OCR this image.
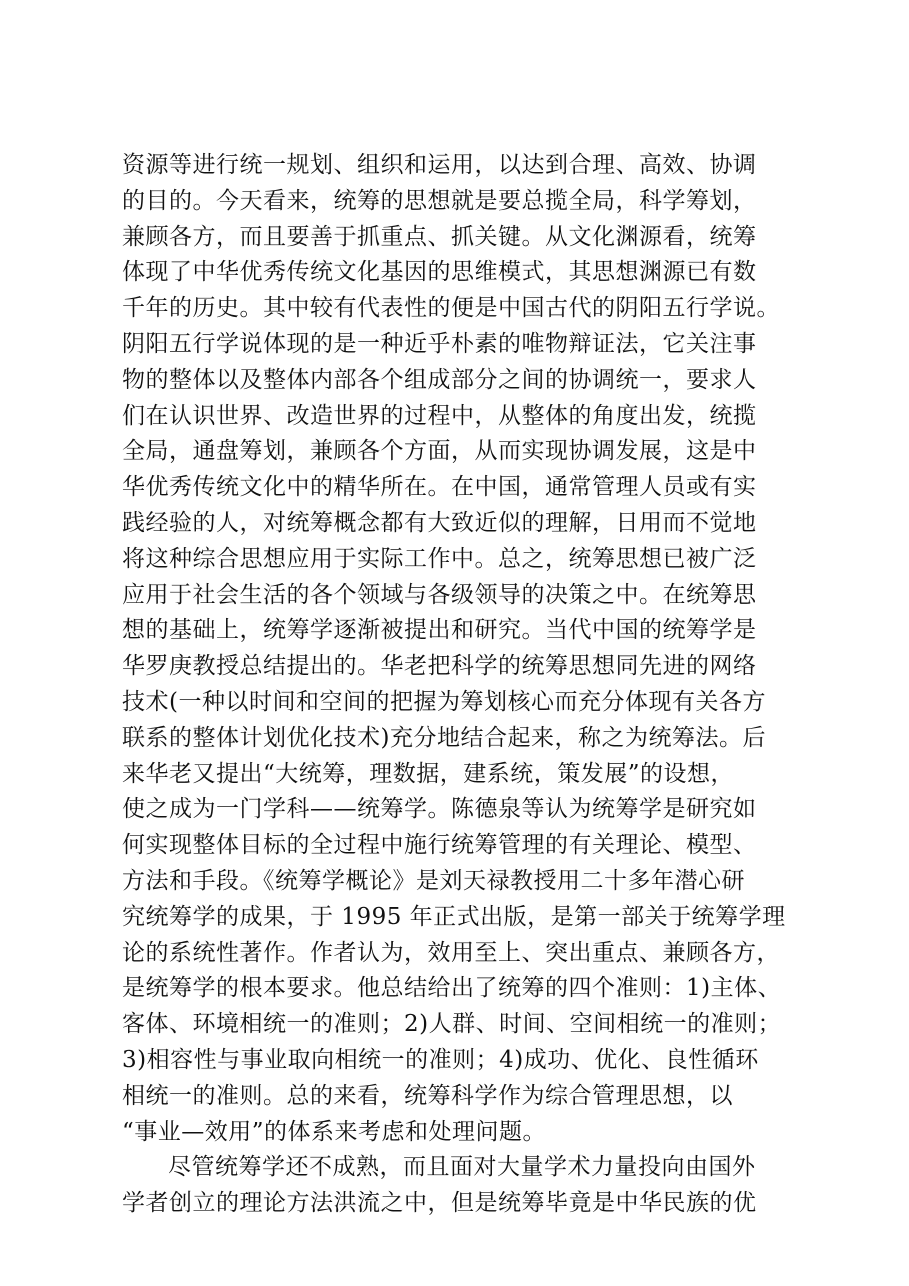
资源等进行统一规划、组织和运用，以达到合理、高效、协调
的目的。今天看来，统筹的思想就是要总揽全局，科学筹划，
兼顾各方，而且要善于抓重点、抓关键。从文化渊源看，统筹
体现了中华优秀传统文化基因的思维模式，其思想渊源已有数
千年的历史。其中较有代表性的便是中国古代的阴阳五行学说。
阴阳五行学说体现的是一种近乎朴素的唯物辩证法，它关注事
物的整体以及整体内部各个组成部分之间的协调统一，要求人
们在认识世界、改造世界的过程中，从整体的角度出发，统揽
全局，通盘筹划，兼顾各个方面，从而实现协调发展，这是中
华优秀传统文化中的精华所在。在中国，通常管理人员或有实
践经验的人，对统筹概念都有大致近似的理解，日用而不觉地
将这种综合思想应用于实际工作中。总之，统筹思想已被广泛
应用于社会生活的各个领域与各级领导的决策之中。在统筹思
想的基础上，统筹学逐渐被提出和研究。当代中国的统筹学是
华罗庚教授总结提出的。华老把科学的统筹思想同先进的网络
技术(一种以时间和空间的把握为筹划核心而充分体现有关各方
联系的整体计划优化技术)充分地结合起来，称之为统筹法。后
来华老又提出“大统筹，理数据，建系统，策发展”的设想，
使之成为一门学科——统筹学。陈德泉等认为统筹学是研究如
何实现整体目标的全过程中施行统筹管理的有关理论、模型、
方法和手段。《统筹学概论》是刘天禄教授用二十多年潜心研
究统筹学的成果，于 1995 年正式出版，是第一部关于统筹学理
论的系统性著作。作者认为，效用至上、突出重点、兼顾各方，
是统筹学的根本要求。他总结给出了统筹的四个准则：1)主体、
客体、环境相统一的准则；2)人群、时间、空间相统一的准则；
3)相容性与事业取向相统一的准则；4)成功、优化、良性循环
相统一的准则。总的来看，统筹科学作为综合管理思想，以
“事业—效用”的体系来考虑和处理问题。
尽管统筹学还不成熟，而且面对大量学术力量投向由国外
学者创立的理论方法洪流之中，但是统筹毕竟是中华民族的优
